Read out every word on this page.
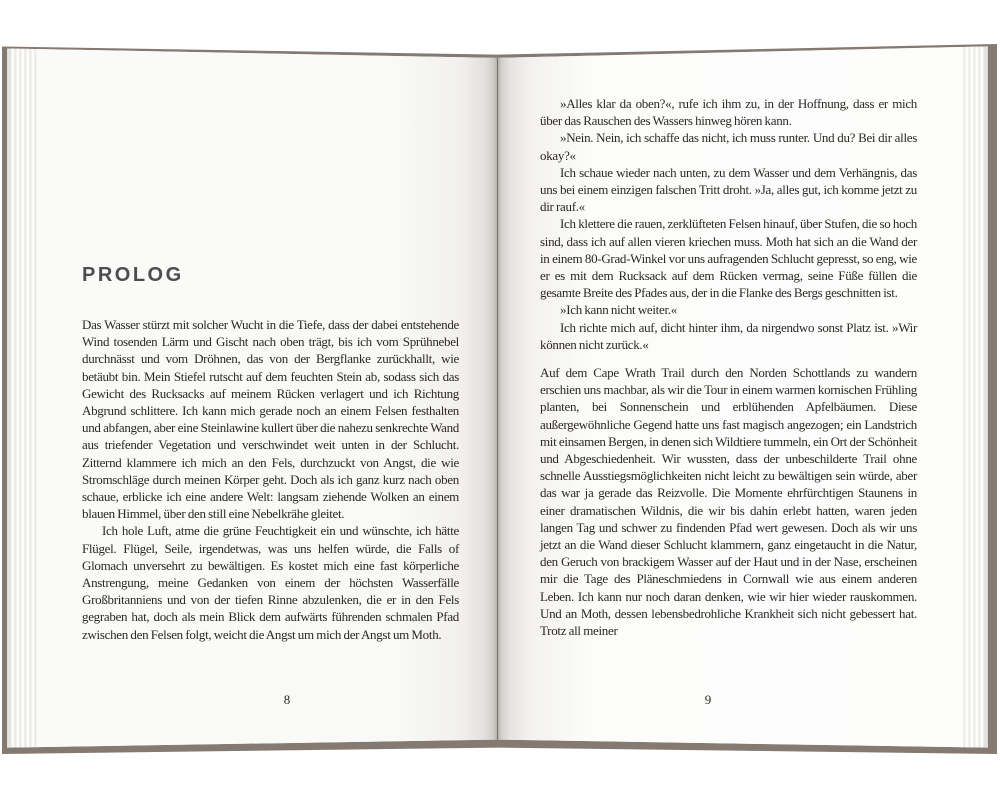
PROLOG

Das Wasser stürzt mit solcher Wucht in die Tiefe, dass der dabei entstehende Wind tosenden Lärm und Gischt nach oben trägt, bis ich vom Sprühnebel durchnässt und vom Dröhnen, das von der Bergflanke zurückhallt, wie betäubt bin. Mein Stiefel rutscht auf dem feuchten Stein ab, sodass sich das Gewicht des Rucksacks auf meinem Rücken verlagert und ich Richtung Abgrund schlittere. Ich kann mich gerade noch an einem Felsen festhalten und abfangen, aber eine Steinlawine kullert über die nahezu senkrechte Wand aus triefender Vegetation und verschwindet weit unten in der Schlucht. Zitternd klammere ich mich an den Fels, durchzuckt von Angst, die wie Stromschläge durch meinen Körper geht. Doch als ich ganz kurz nach oben schaue, erblicke ich eine andere Welt: langsam ziehende Wolken an einem blauen Himmel, über den still eine Nebelkrähe gleitet.

Ich hole Luft, atme die grüne Feuchtigkeit ein und wünschte, ich hätte Flügel. Flügel, Seile, irgendetwas, was uns helfen würde, die Falls of Glomach unversehrt zu bewältigen. Es kostet mich eine fast körperliche Anstrengung, meine Gedanken von einem der höchsten Wasserfälle Großbritanniens und von der tiefen Rinne abzulenken, die er in den Fels gegraben hat, doch als mein Blick dem aufwärts führenden schmalen Pfad zwischen den Felsen folgt, weicht die Angst um mich der Angst um Moth.

»Alles klar da oben?«, rufe ich ihm zu, in der Hoffnung, dass er mich über das Rauschen des Wassers hinweg hören kann.

»Nein. Nein, ich schaffe das nicht, ich muss runter. Und du? Bei dir alles okay?«

Ich schaue wieder nach unten, zu dem Wasser und dem Verhängnis, das uns bei einem einzigen falschen Tritt droht. »Ja, alles gut, ich komme jetzt zu dir rauf.«

Ich klettere die rauen, zerklüfteten Felsen hinauf, über Stufen, die so hoch sind, dass ich auf allen vieren kriechen muss. Moth hat sich an die Wand der in einem 80-Grad-Winkel vor uns aufragenden Schlucht gepresst, so eng, wie er es mit dem Rucksack auf dem Rücken vermag, seine Füße füllen die gesamte Breite des Pfades aus, der in die Flanke des Bergs geschnitten ist.

»Ich kann nicht weiter.«

Ich richte mich auf, dicht hinter ihm, da nirgendwo sonst Platz ist. »Wir können nicht zurück.«

Auf dem Cape Wrath Trail durch den Norden Schottlands zu wandern erschien uns machbar, als wir die Tour in einem warmen kornischen Frühling planten, bei Sonnenschein und erblühenden Apfelbäumen. Diese außergewöhnliche Gegend hatte uns fast magisch angezogen; ein Landstrich mit einsamen Bergen, in denen sich Wildtiere tummeln, ein Ort der Schönheit und Abgeschiedenheit. Wir wussten, dass der unbeschilderte Trail ohne schnelle Ausstiegsmöglichkeiten nicht leicht zu bewältigen sein würde, aber das war ja gerade das Reizvolle. Die Momente ehrfürchtigen Staunens in einer dramatischen Wildnis, die wir bis dahin erlebt hatten, waren jeden langen Tag und schwer zu findenden Pfad wert gewesen. Doch als wir uns jetzt an die Wand dieser Schlucht klammern, ganz eingetaucht in die Natur, den Geruch von brackigem Wasser auf der Haut und in der Nase, erscheinen mir die Tage des Pläneschmiedens in Cornwall wie aus einem anderen Leben. Ich kann nur noch daran denken, wie wir hier wieder rauskommen. Und an Moth, dessen lebensbedrohliche Krankheit sich nicht gebessert hat. Trotz all meiner

8	9
